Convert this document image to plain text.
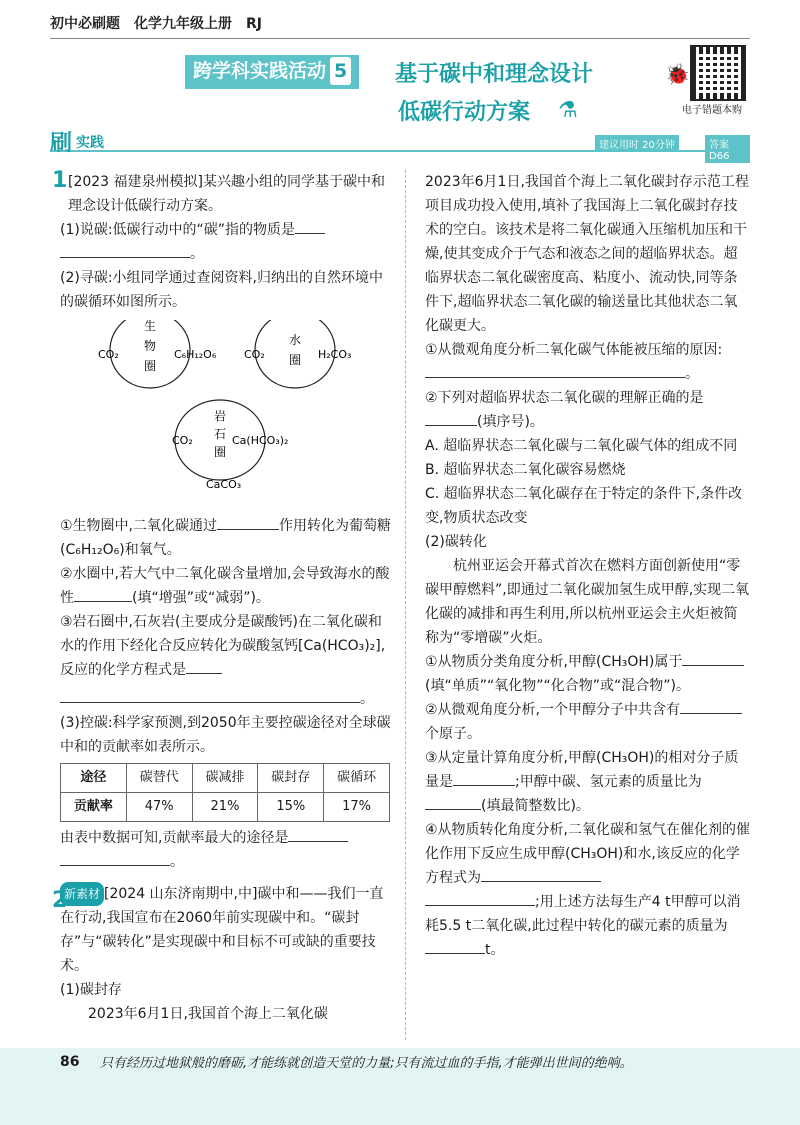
初中必刷题　化学九年级上册　RJ
跨学科实践活动 5	基于碳中和理念设计
低碳行动方案 ⚗
🐞
电子错题本购
刷 实践	建议用时 20分钟	答案 D66
1 [2023 福建泉州模拟]某兴趣小组的同学基于碳中和理念设计低碳行动方案。

(1)说碳:低碳行动中的“碳”指的物质是
。

(2)寻碳:小组同学通过查阅资料,归纳出的自然环境中的碳循环如图所示。

CO₂	C₆H₁₂O₆	CO₂	H₂CO₃
生
物
圈
水
圈
岩
石
圈
CO₂	Ca(HCO₃)₂
CaCO₃

①生物圈中,二氧化碳通过	作用转化为葡萄糖(C₆H₁₂O₆)和氧气。

②水圈中,若大气中二氧化碳含量增加,会导致海水的酸性	(填“增强”或“减弱”)。

③岩石圈中,石灰岩(主要成分是碳酸钙)在二氧化碳和水的作用下经化合反应转化为碳酸氢钙[Ca(HCO₃)₂],反应的化学方程式是
。

(3)控碳:科学家预测,到2050年主要控碳途径对全球碳中和的贡献率如表所示。

途径	碳替代	碳减排	碳封存	碳循环
贡献率	47%	21%	15%	17%

由表中数据可知,贡献率最大的途径是
。

新素材 [2024 山东济南期中,中]碳中和——我们一直在行动,我国宣布在2060年前实现碳中和。“碳封存”与“碳转化”是实现碳中和目标不可或缺的重要技术。

(1)碳封存

2023年6月1日,我国首个海上二氧化碳

2

2023年6月1日,我国首个海上二氧化碳封存示范工程项目成功投入使用,填补了我国海上二氧化碳封存技术的空白。该技术是将二氧化碳通入压缩机加压和干燥,使其变成介于气态和液态之间的超临界状态。超临界状态二氧化碳密度高、粘度小、流动快,同等条件下,超临界状态二氧化碳的输送量比其他状态二氧化碳更大。

①从微观角度分析二氧化碳气体能被压缩的原因:。

②下列对超临界状态二氧化碳的理解正确的是(填序号)。

A. 超临界状态二氧化碳与二氧化碳气体的组成不同

B. 超临界状态二氧化碳容易燃烧

C. 超临界状态二氧化碳存在于特定的条件下,条件改变,物质状态改变

(2)碳转化

杭州亚运会开幕式首次在燃料方面创新使用“零碳甲醇燃料”,即通过二氧化碳加氢生成甲醇,实现二氧化碳的减排和再生利用,所以杭州亚运会主火炬被简称为“零增碳”火炬。

①从物质分类角度分析,甲醇(CH₃OH)属于(填“单质”“氧化物”“化合物”或“混合物”)。

②从微观角度分析,一个甲醇分子中共含有个原子。

③从定量计算角度分析,甲醇(CH₃OH)的相对分子质量是	;甲醇中碳、氢元素的质量比为(填最简整数比)。

④从物质转化角度分析,二氧化碳和氢气在催化剂的催化作用下反应生成甲醇(CH₃OH)和水,该反应的化学方程式为
;用上述方法每生产4 t甲醇可以消耗5.5 t二氧化碳,此过程中转化的碳元素的质量为t。

86 只有经历过地狱般的磨砺,才能练就创造天堂的力量;只有流过血的手指,才能弹出世间的绝响。
